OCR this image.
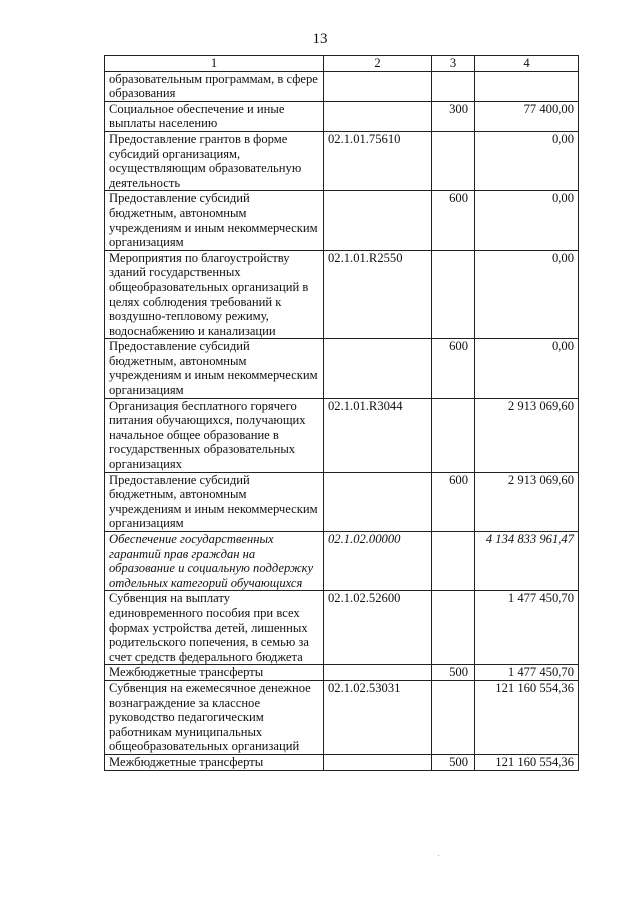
13
1	2	3	4
образовательным программам, в сфере образования			
Социальное обеспечение и иные выплаты населению		300	77 400,00
Предоставление грантов в форме субсидий организациям, осуществляющим образовательную деятельность	02.1.01.75610		0,00
Предоставление субсидий бюджетным, автономным учреждениям и иным некоммерческим организациям		600	0,00
Мероприятия по благоустройству зданий государственных общеобразовательных организаций в целях соблюдения требований к воздушно-тепловому режиму, водоснабжению и канализации	02.1.01.R2550		0,00
Предоставление субсидий бюджетным, автономным учреждениям и иным некоммерческим организациям		600	0,00
Организация бесплатного горячего питания обучающихся, получающих начальное общее образование в государственных образовательных организациях	02.1.01.R3044		2 913 069,60
Предоставление субсидий бюджетным, автономным учреждениям и иным некоммерческим организациям		600	2 913 069,60
Обеспечение государственных гарантий прав граждан на образование и социальную поддержку отдельных категорий обучающихся	02.1.02.00000		4 134 833 961,47
Субвенция на выплату единовременного пособия при всех формах устройства детей, лишенных родительского попечения, в семью за счет средств федерального бюджета	02.1.02.52600		1 477 450,70
Межбюджетные трансферты		500	1 477 450,70
Субвенция на ежемесячное денежное вознаграждение за классное руководство педагогическим работникам муниципальных общеобразовательных организаций	02.1.02.53031		121 160 554,36
Межбюджетные трансферты		500	121 160 554,36
